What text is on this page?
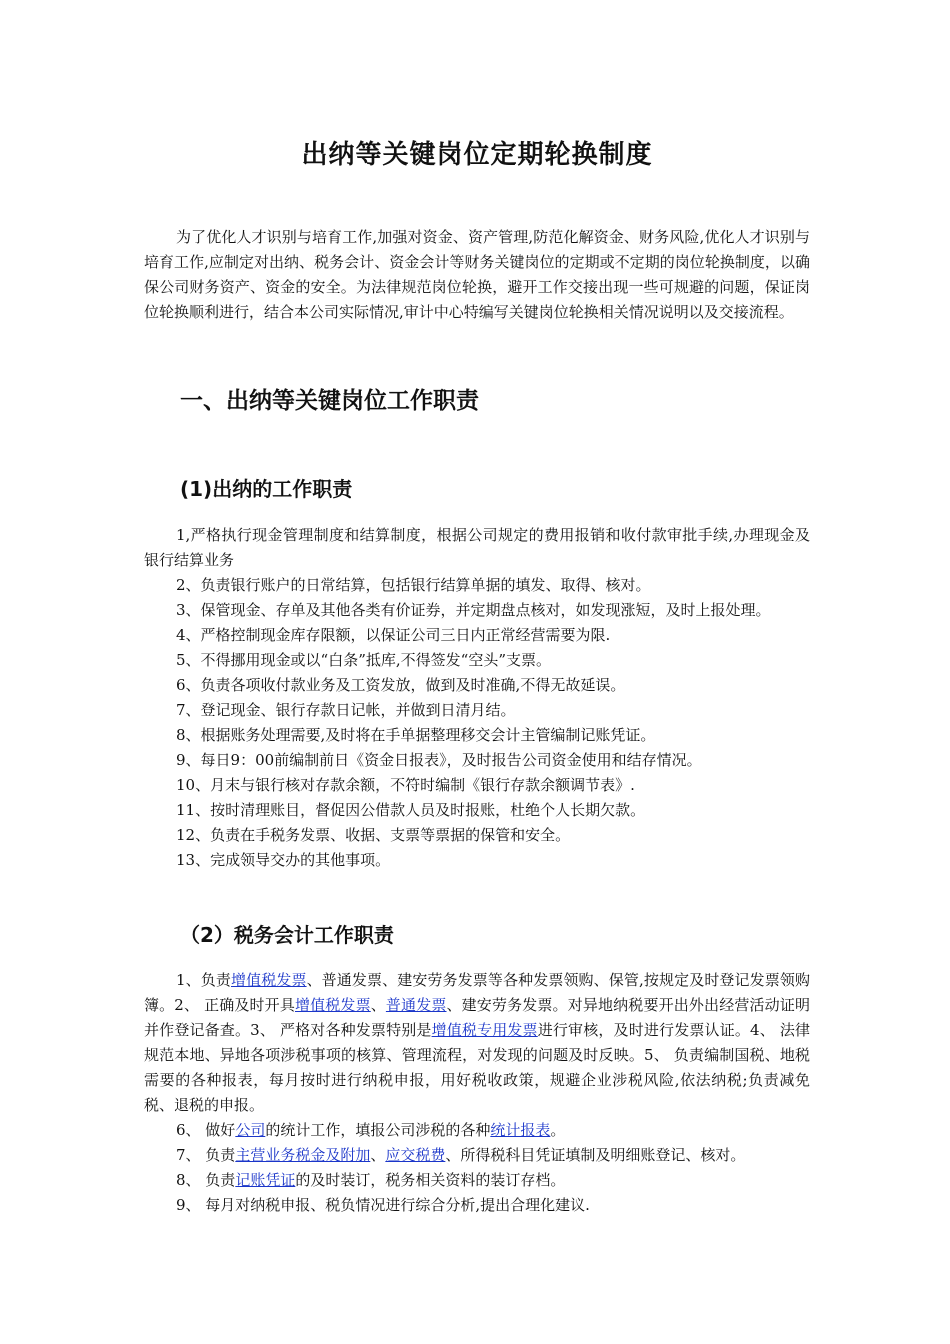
出纳等关键岗位定期轮换制度

为了优化人才识别与培育工作,加强对资金、资产管理,防范化解资金、财务风险,优化人才识别与培育工作,应制定对出纳、税务会计、资金会计等财务关键岗位的定期或不定期的岗位轮换制度，以确保公司财务资产、资金的安全。为法律规范岗位轮换，避开工作交接出现一些可规避的问题，保证岗位轮换顺利进行，结合本公司实际情况,审计中心特编写关键岗位轮换相关情况说明以及交接流程。

一、出纳等关键岗位工作职责
(1)出纳的工作职责

1,严格执行现金管理制度和结算制度，根据公司规定的费用报销和收付款审批手续,办理现金及银行结算业务

2、负责银行账户的日常结算，包括银行结算单据的填发、取得、核对。

3、保管现金、存单及其他各类有价证券，并定期盘点核对，如发现涨短，及时上报处理。

4、严格控制现金库存限额，以保证公司三日内正常经营需要为限.

5、不得挪用现金或以“白条”抵库,不得签发“空头”支票。

6、负责各项收付款业务及工资发放，做到及时准确,不得无故延误。

7、登记现金、银行存款日记帐，并做到日清月结。

8、根据账务处理需要,及时将在手单据整理移交会计主管编制记账凭证。

9、每日9：00前编制前日《资金日报表》，及时报告公司资金使用和结存情况。

10、月末与银行核对存款余额，不符时编制《银行存款余额调节表》.

11、按时清理账目，督促因公借款人员及时报账，杜绝个人长期欠款。

12、负责在手税务发票、收据、支票等票据的保管和安全。

13、完成领导交办的其他事项。

（2）税务会计工作职责

1、负责增值税发票、普通发票、建安劳务发票等各种发票领购、保管,按规定及时登记发票领购簿。2、 正确及时开具增值税发票、普通发票、建安劳务发票。对异地纳税要开出外出经营活动证明并作登记备查。3、 严格对各种发票特别是增值税专用发票进行审核，及时进行发票认证。4、 法律规范本地、异地各项涉税事项的核算、管理流程，对发现的问题及时反映。5、 负责编制国税、地税需要的各种报表，每月按时进行纳税申报，用好税收政策，规避企业涉税风险,依法纳税;负责减免税、退税的申报。

6、 做好公司的统计工作，填报公司涉税的各种统计报表。

7、 负责主营业务税金及附加、应交税费、所得税科目凭证填制及明细账登记、核对。

8、 负责记账凭证的及时装订，税务相关资料的装订存档。

9、 每月对纳税申报、税负情况进行综合分析,提出合理化建议.
